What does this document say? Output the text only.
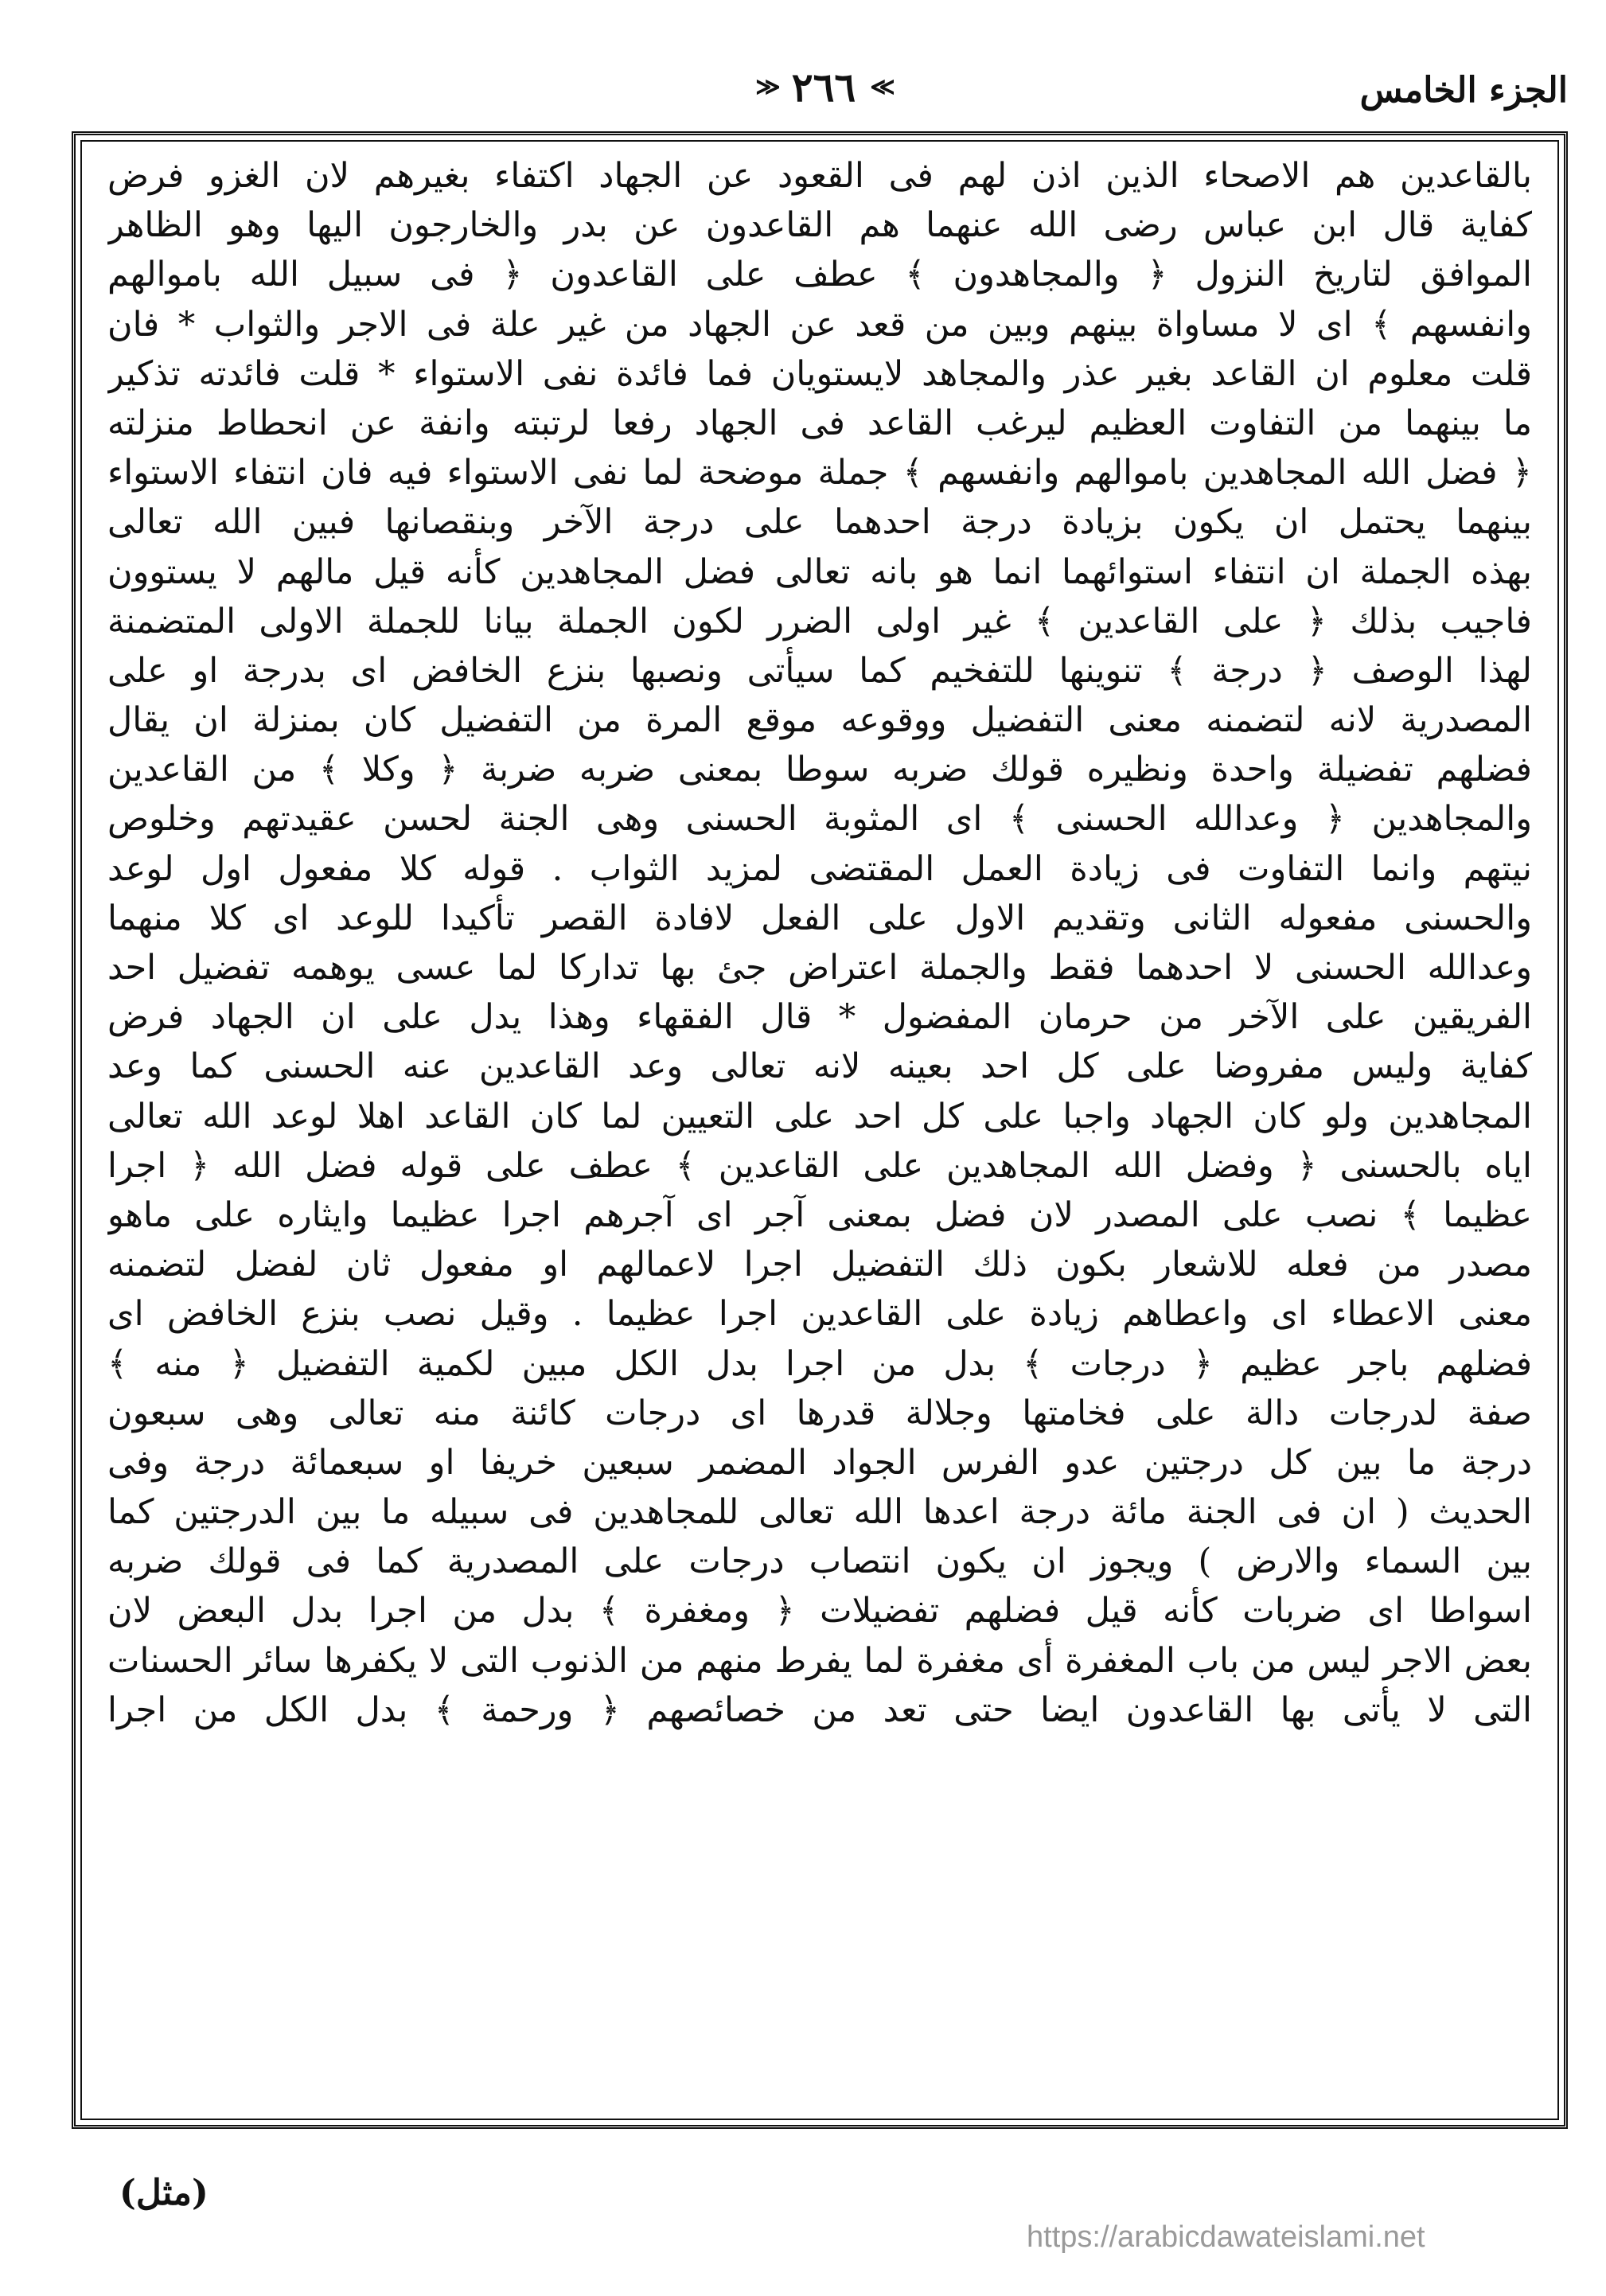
الجزء الخامس
≫
٢٦٦
≪
بالقاعدين هم الاصحاء الذين اذن لهم فى القعود عن الجهاد اكتفاء بغيرهم لان الغزو فرض
كفاية قال ابن عباس رضى الله عنهما هم القاعدون عن بدر والخارجون اليها وهو الظاهر
الموافق لتاريخ النزول ﴿ والمجاهدون ﴾ عطف على القاعدون ﴿ فى سبيل الله باموالهم
وانفسهم ﴾ اى لا مساواة بينهم وبين من قعد عن الجهاد من غير علة فى الاجر والثواب * فان
قلت معلوم ان القاعد بغير عذر والمجاهد لايستويان فما فائدة نفى الاستواء * قلت فائدته تذكير
ما بينهما من التفاوت العظيم ليرغب القاعد فى الجهاد رفعا لرتبته وانفة عن انحطاط منزلته
﴿ فضل الله المجاهدين باموالهم وانفسهم ﴾ جملة موضحة لما نفى الاستواء فيه فان انتفاء الاستواء
بينهما يحتمل ان يكون بزيادة درجة احدهما على درجة الآخر وبنقصانها فبين الله تعالى
بهذه الجملة ان انتفاء استوائهما انما هو بانه تعالى فضل المجاهدين كأنه قيل مالهم لا يستوون
فاجيب بذلك ﴿ على القاعدين ﴾ غير اولى الضرر لكون الجملة بيانا للجملة الاولى المتضمنة
لهذا الوصف ﴿ درجة ﴾ تنوينها للتفخيم كما سيأتى ونصبها بنزع الخافض اى بدرجة او على
المصدرية لانه لتضمنه معنى التفضيل ووقوعه موقع المرة من التفضيل كان بمنزلة ان يقال
فضلهم تفضيلة واحدة ونظيره قولك ضربه سوطا بمعنى ضربه ضربة ﴿ وكلا ﴾ من القاعدين
والمجاهدين ﴿ وعدالله الحسنى ﴾ اى المثوبة الحسنى وهى الجنة لحسن عقيدتهم وخلوص
نيتهم وانما التفاوت فى زيادة العمل المقتضى لمزيد الثواب . قوله كلا مفعول اول لوعد
والحسنى مفعوله الثانى وتقديم الاول على الفعل لافادة القصر تأكيدا للوعد اى كلا منهما
وعدالله الحسنى لا احدهما فقط والجملة اعتراض جئ بها تداركا لما عسى يوهمه تفضيل احد
الفريقين على الآخر من حرمان المفضول * قال الفقهاء وهذا يدل على ان الجهاد فرض
كفاية وليس مفروضا على كل احد بعينه لانه تعالى وعد القاعدين عنه الحسنى كما وعد
المجاهدين ولو كان الجهاد واجبا على كل احد على التعيين لما كان القاعد اهلا لوعد الله تعالى
اياه بالحسنى ﴿ وفضل الله المجاهدين على القاعدين ﴾ عطف على قوله فضل الله ﴿ اجرا
عظيما ﴾ نصب على المصدر لان فضل بمعنى آجر اى آجرهم اجرا عظيما وايثاره على ماهو
مصدر من فعله للاشعار بكون ذلك التفضيل اجرا لاعمالهم او مفعول ثان لفضل لتضمنه
معنى الاعطاء اى واعطاهم زيادة على القاعدين اجرا عظيما . وقيل نصب بنزع الخافض اى
فضلهم باجر عظيم ﴿ درجات ﴾ بدل من اجرا بدل الكل مبين لكمية التفضيل ﴿ منه ﴾
صفة لدرجات دالة على فخامتها وجلالة قدرها اى درجات كائنة منه تعالى وهى سبعون
درجة ما بين كل درجتين عدو الفرس الجواد المضمر سبعين خريفا او سبعمائة درجة وفى
الحديث ( ان فى الجنة مائة درجة اعدها الله تعالى للمجاهدين فى سبيله ما بين الدرجتين كما
بين السماء والارض ) ويجوز ان يكون انتصاب درجات على المصدرية كما فى قولك ضربه
اسواطا اى ضربات كأنه قيل فضلهم تفضيلات ﴿ ومغفرة ﴾ بدل من اجرا بدل البعض لان
بعض الاجر ليس من باب المغفرة أى مغفرة لما يفرط منهم من الذنوب التى لا يكفرها سائر الحسنات
التى لا يأتى بها القاعدون ايضا حتى تعد من خصائصهم ﴿ ورحمة ﴾ بدل الكل من اجرا
(مثل)
https://arabicdawateislami.net
